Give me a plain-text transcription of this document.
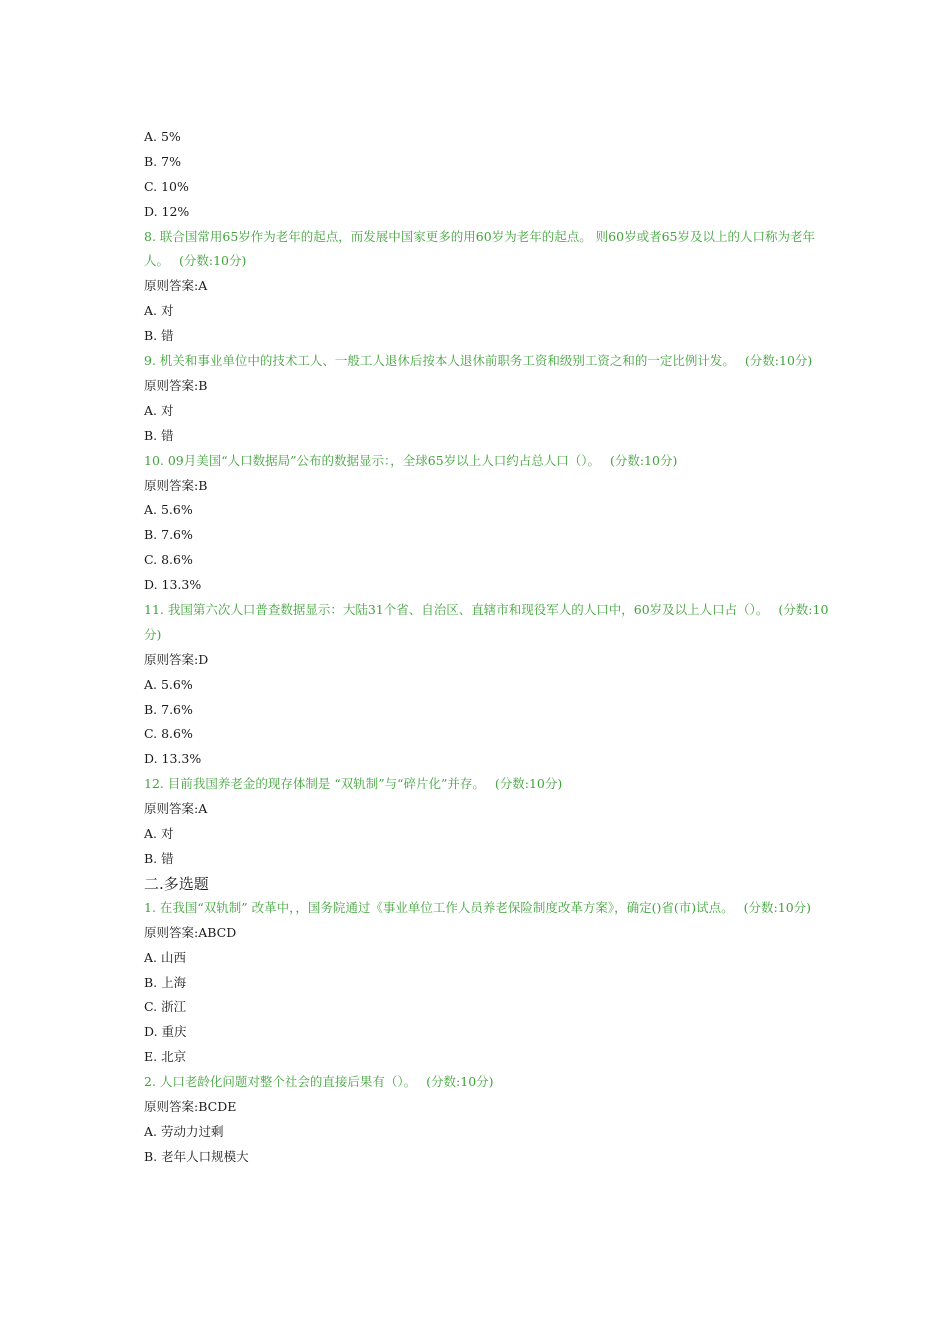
A. 5%
B. 7%
C. 10%
D. 12%
8. 联合国常用65岁作为老年的起点，而发展中国家更多的用60岁为老年的起点。 则60岁或者65岁及以上的人口称为老年人。 (分数:10分)
原则答案:A
A. 对
B. 错
9. 机关和事业单位中的技术工人、一般工人退休后按本人退休前职务工资和级别工资之和的一定比例计发。 (分数:10分)
原则答案:B
A. 对
B. 错
10. 09月美国“人口数据局”公布的数据显示：，全球65岁以上人口约占总人口（）。 (分数:10分)
原则答案:B
A. 5.6%
B. 7.6%
C. 8.6%
D. 13.3%
11. 我国第六次人口普查数据显示：大陆31个省、自治区、直辖市和现役军人的人口中，60岁及以上人口占（）。 (分数:10分)
原则答案:D
A. 5.6%
B. 7.6%
C. 8.6%
D. 13.3%
12. 目前我国养老金的现存体制是 “双轨制”与“碎片化”并存。 (分数:10分)
原则答案:A
A. 对
B. 错
二.多选题
1. 在我国“双轨制” 改革中，，国务院通过《事业单位工作人员养老保险制度改革方案》，确定()省(市)试点。 (分数:10分)
原则答案:ABCD
A. 山西
B. 上海
C. 浙江
D. 重庆
E. 北京
2. 人口老龄化问题对整个社会的直接后果有（）。 (分数:10分)
原则答案:BCDE
A. 劳动力过剩
B. 老年人口规模大
